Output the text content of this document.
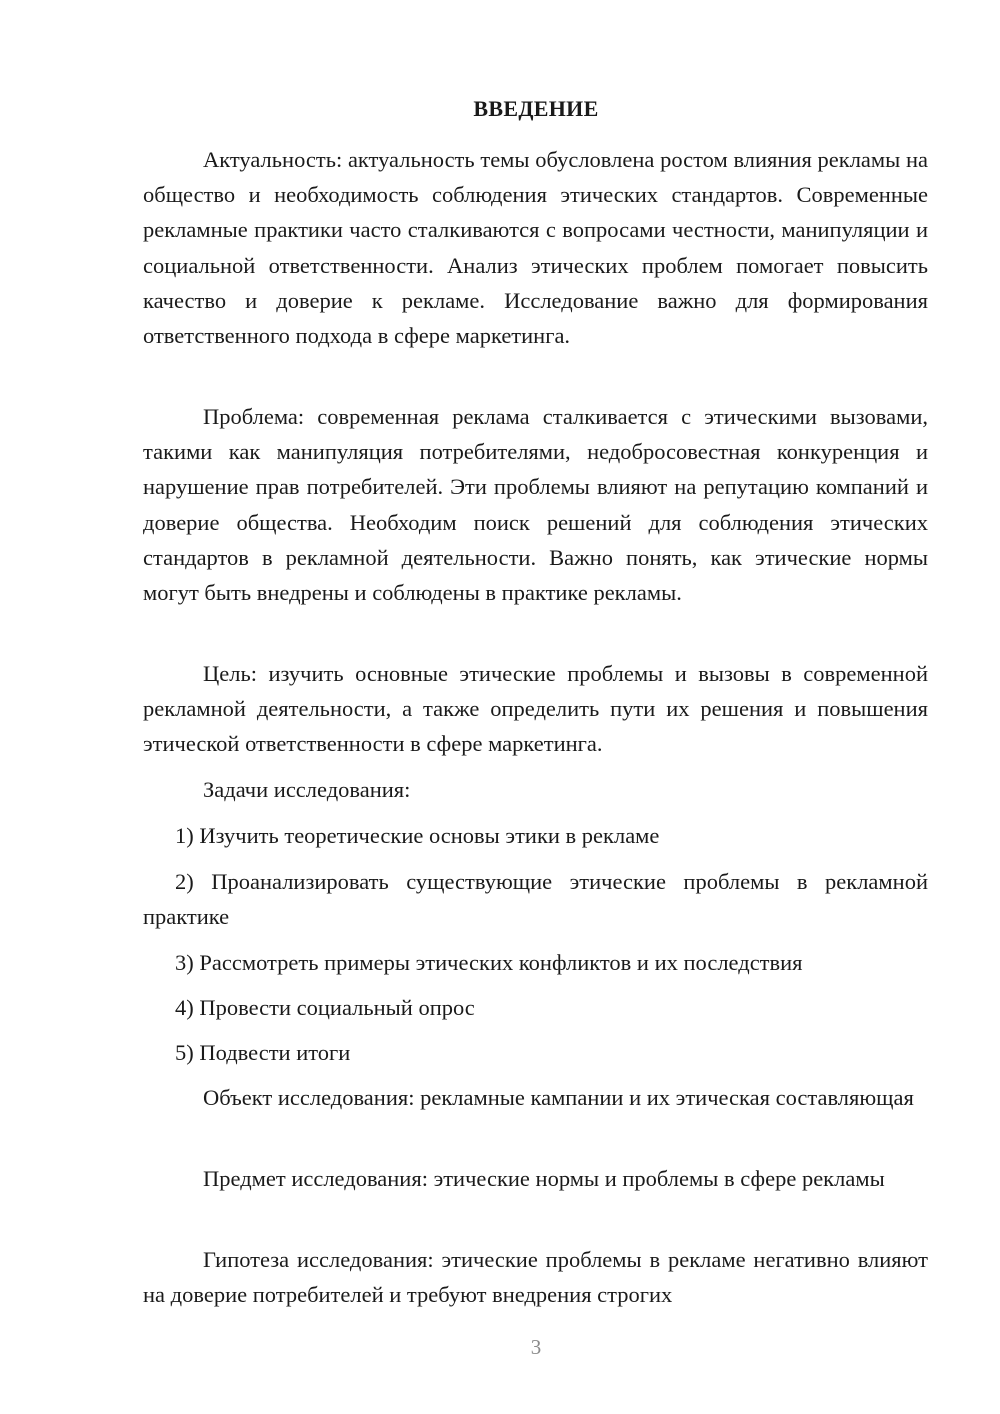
ВВЕДЕНИЕ

Актуальность: актуальность темы обусловлена ростом влияния рекламы на общество и необходимость соблюдения этических стандартов. Современные рекламные практики часто сталкиваются с вопросами честности, манипуляции и социальной ответственности. Анализ этических проблем помогает повысить качество и доверие к рекламе. Исследование важно для формирования ответственного подхода в сфере маркетинга.

Проблема: современная реклама сталкивается с этическими вызовами, такими как манипуляция потребителями, недобросовестная конкуренция и нарушение прав потребителей. Эти проблемы влияют на репутацию компаний и доверие общества. Необходим поиск решений для соблюдения этических стандартов в рекламной деятельности. Важно понять, как этические нормы могут быть внедрены и соблюдены в практике рекламы.

Цель: изучить основные этические проблемы и вызовы в современной рекламной деятельности, а также определить пути их решения и повышения этической ответственности в сфере маркетинга.

Задачи исследования:

1) Изучить теоретические основы этики в рекламе

2) Проанализировать существующие этические проблемы в рекламной практике

3) Рассмотреть примеры этических конфликтов и их последствия

4) Провести социальный опрос

5) Подвести итоги

Объект исследования: рекламные кампании и их этическая составляющая

Предмет исследования: этические нормы и проблемы в сфере рекламы

Гипотеза исследования: этические проблемы в рекламе негативно влияют на доверие потребителей и требуют внедрения строгих

3
